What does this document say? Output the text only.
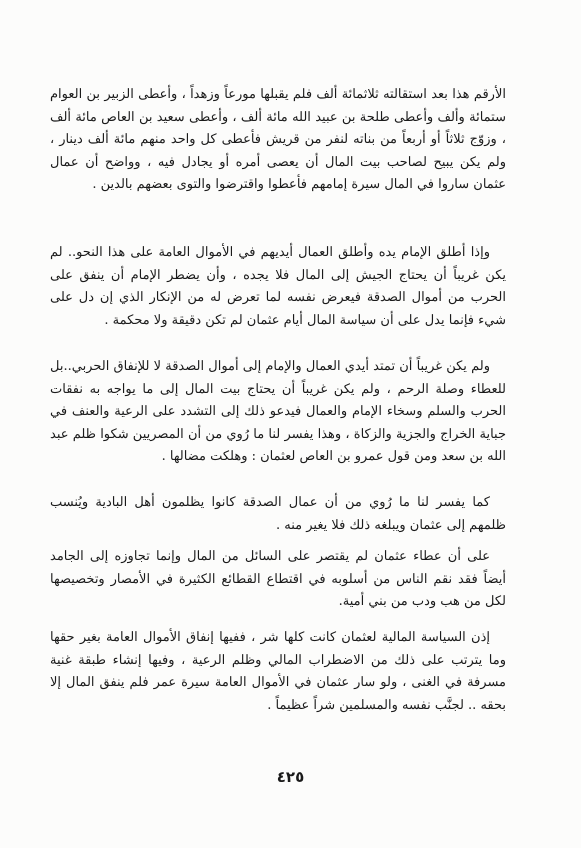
الأرقم هذا بعد استقالته ثلاثمائة ألف فلم يقبلها مورعاً وزهداً ، وأعطى الزبير بن العوام ستمائة وألف وأعطى طلحة بن عبيد الله مائة ألف ، وأعطى سعيد بن العاص مائة ألف ، وزوّج ثلاثاً أو أربعاً من بناته لنفر من قريش فأعطى كل واحد منهم مائة ألف دينار ، ولم يكن يبيح لصاحب بيت المال أن يعصى أمره أو يجادل فيه ، وواضح أن عمال عثمان ساروا في المال سيرة إمامهم فأعطوا واقترضوا والتوى بعضهم بالدين .

وإذا أطلق الإمام يده وأطلق العمال أيديهم في الأموال العامة على هذا النحو.. لم يكن غريباً أن يحتاج الجيش إلى المال فلا يجده ، وأن يضطر الإمام أن ينفق على الحرب من أموال الصدقة فيعرض نفسه لما تعرض له من الإنكار الذي إن دل على شيء فإنما يدل على أن سياسة المال أيام عثمان لم تكن دقيقة ولا محكمة .

ولم يكن غريباً أن تمتد أيدي العمال والإمام إلى أموال الصدقة لا للإنفاق الحربي..بل للعطاء وصلة الرحم ، ولم يكن غريباً أن يحتاج بيت المال إلى ما يواجه به نفقات الحرب والسلم وسخاء الإمام والعمال فيدعو ذلك إلى التشدد على الرعية والعنف في جباية الخراج والجزية والزكاة ، وهذا يفسر لنا ما رُوي من أن المصريين شكوا ظلم عبد الله بن سعد ومن قول عمرو بن العاص لعثمان : وهلكت مضالها .

كما يفسر لنا ما رُوي من أن عمال الصدقة كانوا يظلمون أهل البادية ويُنسب ظلمهم إلى عثمان ويبلغه ذلك فلا يغير منه .

على أن عطاء عثمان لم يقتصر على السائل من المال وإنما تجاوزه إلى الجامد أيضاً فقد نقم الناس من أسلوبه في اقتطاع القطائع الكثيرة في الأمصار وتخصيصها لكل من هب ودب من بني أمية.

إذن السياسة المالية لعثمان كانت كلها شر ، ففيها إنفاق الأموال العامة بغير حقها وما يترتب على ذلك من الاضطراب المالي وظلم الرعية ، وفيها إنشاء طبقة غنية مسرفة في الغنى ، ولو سار عثمان في الأموال العامة سيرة عمر فلم ينفق المال إلا بحقه .. لجنَّب نفسه والمسلمين شراً عظيماً .

٤٢٥
